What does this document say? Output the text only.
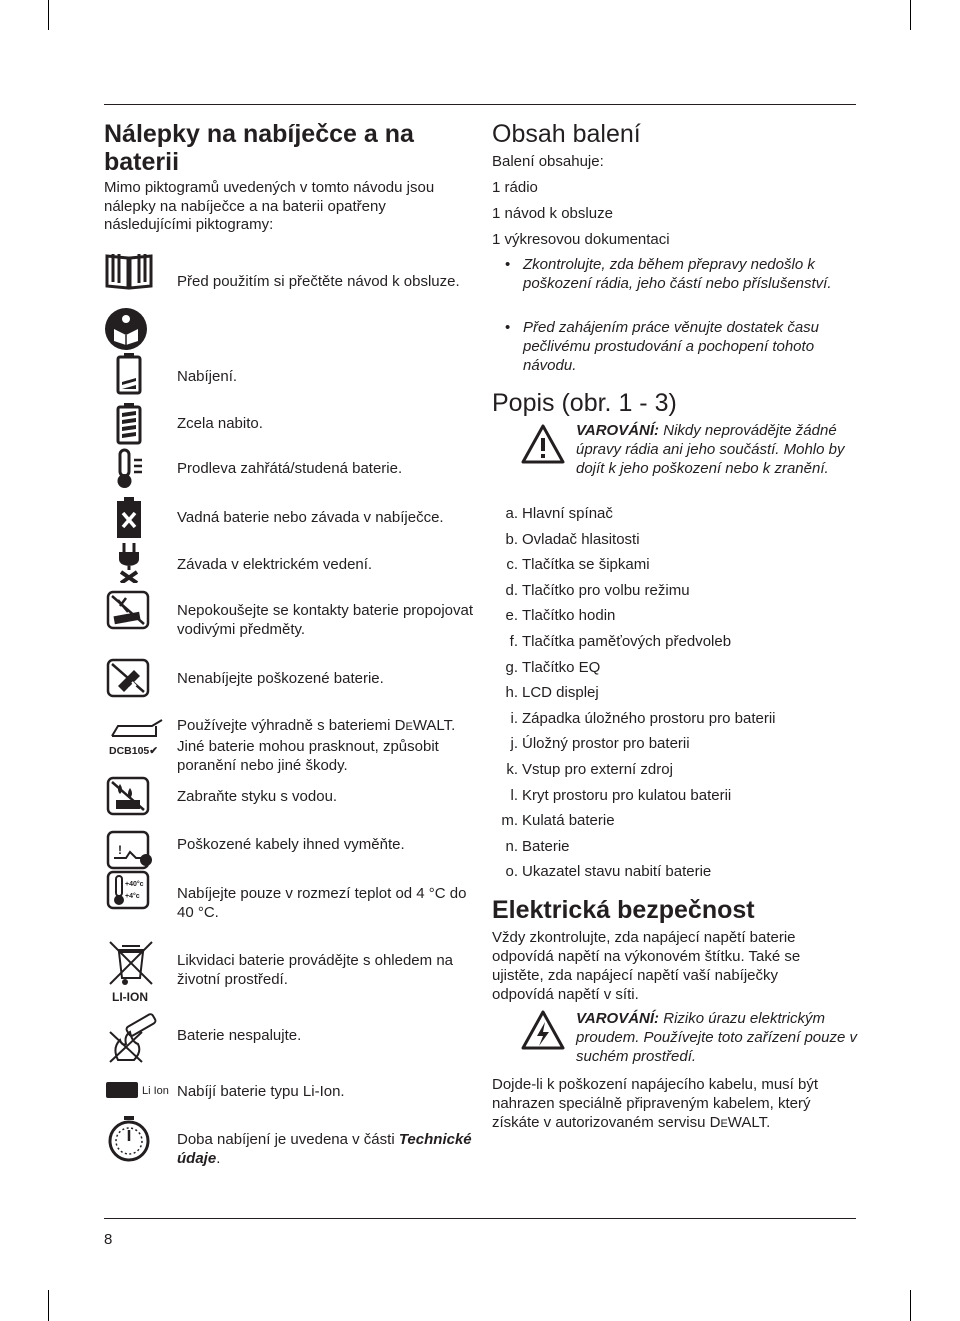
Nálepky na nabíječce a na baterii

Mimo piktogramů uvedených v tomto návodu jsou nálepky na nabíječce a na baterii opatřeny následujícími piktogramy:

Před použitím si přečtěte návod k obsluze.

Nabíjení.

Zcela nabito.

Prodleva zahřátá/studená baterie.

Vadná baterie nebo závada v nabíječce.

Závada v elektrickém vedení.

Nepokoušejte se kontakty baterie propojovat vodivými předměty.

Nenabíjejte poškozené baterie.

DCB105✔

Používejte výhradně s bateriemi DEWALT. Jiné baterie mohou prasknout, způsobit poranění nebo jiné škody.

Zabraňte styku s vodou.

!	Poškozené kabely ihned vyměňte.

+40°c
+4°c Nabíjejte pouze v rozmezí teplot od 4 °C do 40 °C.

LI-ION

Likvidaci baterie provádějte s ohledem na životní prostředí.

Baterie nespalujte.

Li Ion Nabíjí baterie typu Li-Ion.

Doba nabíjení je uvedena v části Technické údaje.

Obsah balení

Balení obsahuje:

1 rádio

1 návod k obsluze

1 výkresovou dokumentaci

• Zkontrolujte, zda během přepravy nedošlo k poškození rádia, jeho částí nebo příslušenství.
• Před zahájením práce věnujte dostatek času pečlivému prostudování a pochopení tohoto návodu.
Popis (obr. 1 - 3)

VAROVÁNÍ: Nikdy neprovádějte žádné úpravy rádia ani jeho součástí. Mohlo by dojít k jeho poškození nebo k zranění.

a. Hlavní spínač
b. Ovladač hlasitosti
c. Tlačítka se šipkami
d. Tlačítko pro volbu režimu
e. Tlačítko hodin
f. Tlačítka paměťových předvoleb
g. Tlačítko EQ
h. LCD displej
i. Západka úložného prostoru pro baterii
j. Úložný prostor pro baterii
k. Vstup pro externí zdroj
l. Kryt prostoru pro kulatou baterii
m. Kulatá baterie
n. Baterie
o. Ukazatel stavu nabití baterie
Elektrická bezpečnost

Vždy zkontrolujte, zda napájecí napětí baterie odpovídá napětí na výkonovém štítku. Také se ujistěte, zda napájecí napětí vaší nabíječky odpovídá napětí v síti.

VAROVÁNÍ: Riziko úrazu elektrickým proudem. Používejte toto zařízení pouze v suchém prostředí.

Dojde-li k poškození napájecího kabelu, musí být nahrazen speciálně připraveným kabelem, který získáte v autorizovaném servisu DEWALT.

8
